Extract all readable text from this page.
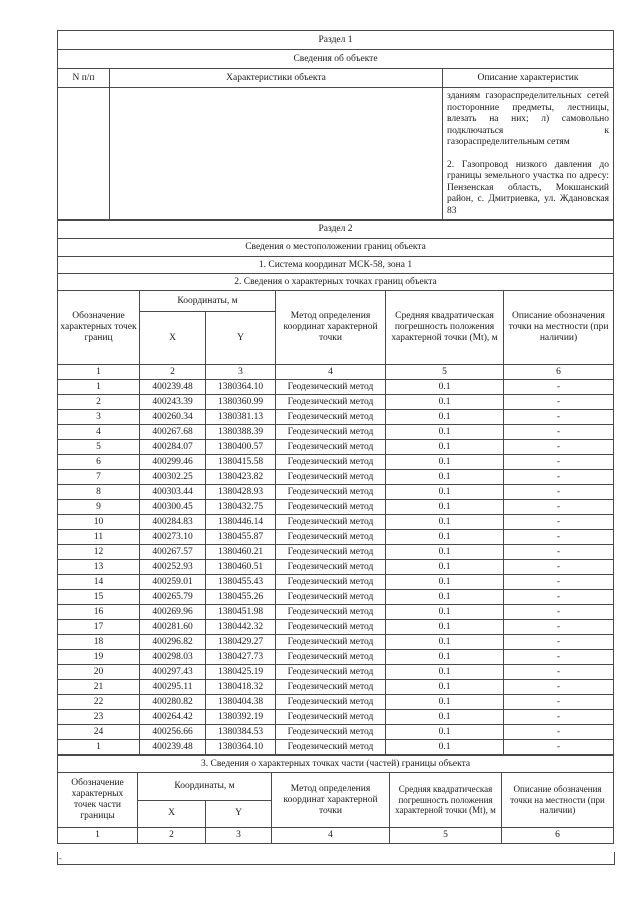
Раздел 1		
Сведения об объекте		
N п/п	Характеристики объекта	Описание характеристик

		зданиям газораспределительных сетей посторонние предметы, лестницы, влезать на них; л) самовольно подключаться к газораспределительным сетям

2. Газопровод низкого давления до границы земельного участка по адресу: Пензенская область, Мокшанский район, с. Дмитриевка, ул. Ждановская 83

Раздел 2					
Сведения о местоположении границ объекта					
1. Система координат МСК-58, зона 1					
2. Сведения о характерных точках границ объекта					
Обозначение характерных точек границ	Координаты, м		Метод определения координат характерной точки	Средняя квадратическая погрешность положения характерной точки (Mt), м	Описание обозначения точки на местности (при наличии)
	X	Y			
1	2	3	4	5	6
1	400239.48	1380364.10	Геодезический метод	0.1	-
2	400243.39	1380360.99	Геодезический метод	0.1	-
3	400260.34	1380381.13	Геодезический метод	0.1	-
4	400267.68	1380388.39	Геодезический метод	0.1	-
5	400284.07	1380400.57	Геодезический метод	0.1	-
6	400299.46	1380415.58	Геодезический метод	0.1	-
7	400302.25	1380423.82	Геодезический метод	0.1	-
8	400303.44	1380428.93	Геодезический метод	0.1	-
9	400300.45	1380432.75	Геодезический метод	0.1	-
10	400284.83	1380446.14	Геодезический метод	0.1	-
11	400273.10	1380455.87	Геодезический метод	0.1	-
12	400267.57	1380460.21	Геодезический метод	0.1	-
13	400252.93	1380460.51	Геодезический метод	0.1	-
14	400259.01	1380455.43	Геодезический метод	0.1	-
15	400265.79	1380455.26	Геодезический метод	0.1	-
16	400269.96	1380451.98	Геодезический метод	0.1	-
17	400281.60	1380442.32	Геодезический метод	0.1	-
18	400296.82	1380429.27	Геодезический метод	0.1	-
19	400298.03	1380427.73	Геодезический метод	0.1	-
20	400297.43	1380425.19	Геодезический метод	0.1	-
21	400295.11	1380418.32	Геодезический метод	0.1	-
22	400280.82	1380404.38	Геодезический метод	0.1	-
23	400264.42	1380392.19	Геодезический метод	0.1	-
24	400256.66	1380384.53	Геодезический метод	0.1	-
1	400239.48	1380364.10	Геодезический метод	0.1	-
3. Сведения о характерных точках части (частей) границы объекта					
Обозначение характерных точек части границы	Координаты, м		Метод определения координат характерной точки	Средняя квадратическая погрешность положения характерной точки (Mt), м	Описание обозначения точки на местности (при наличии)
	X	Y			
1	2	3	4	5	6
-
